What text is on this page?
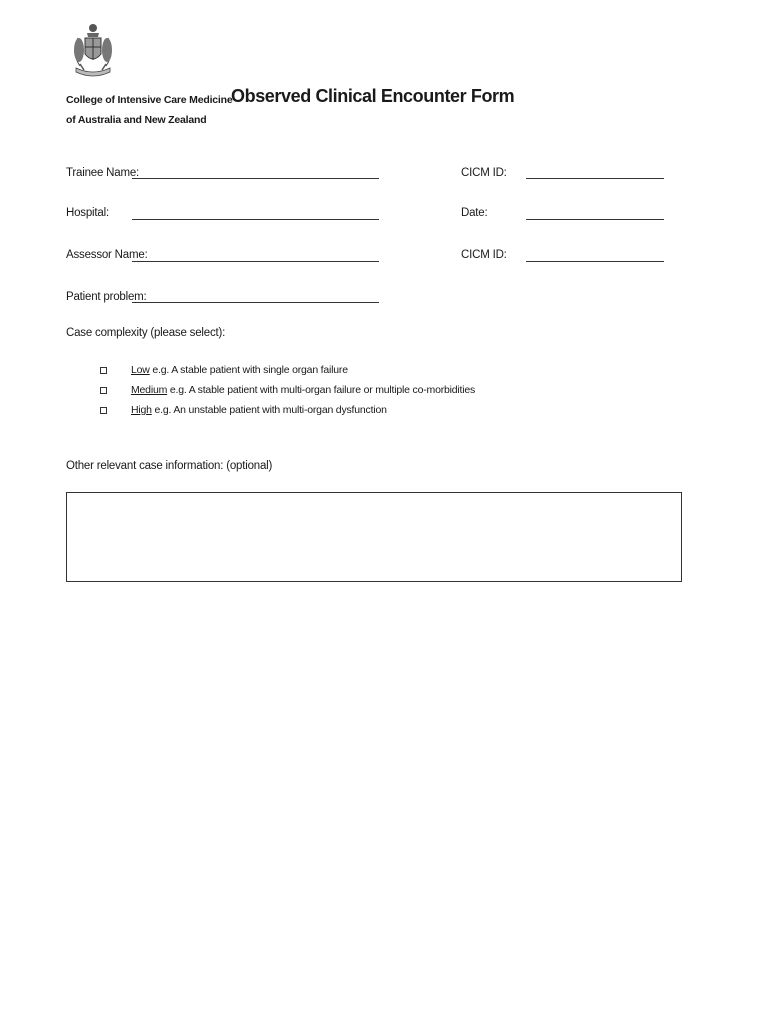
College of Intensive Care Medicine
of Australia and New Zealand
Observed Clinical Encounter Form
Trainee Name:	CICM ID:
Hospital:	Date:
Assessor Name:	CICM ID:
Patient problem:
Case complexity (please select):
Low e.g. A stable patient with single organ failure
Medium e.g. A stable patient with multi-organ failure or multiple co-morbidities
High e.g. An unstable patient with multi-organ dysfunction
Other relevant case information: (optional)
